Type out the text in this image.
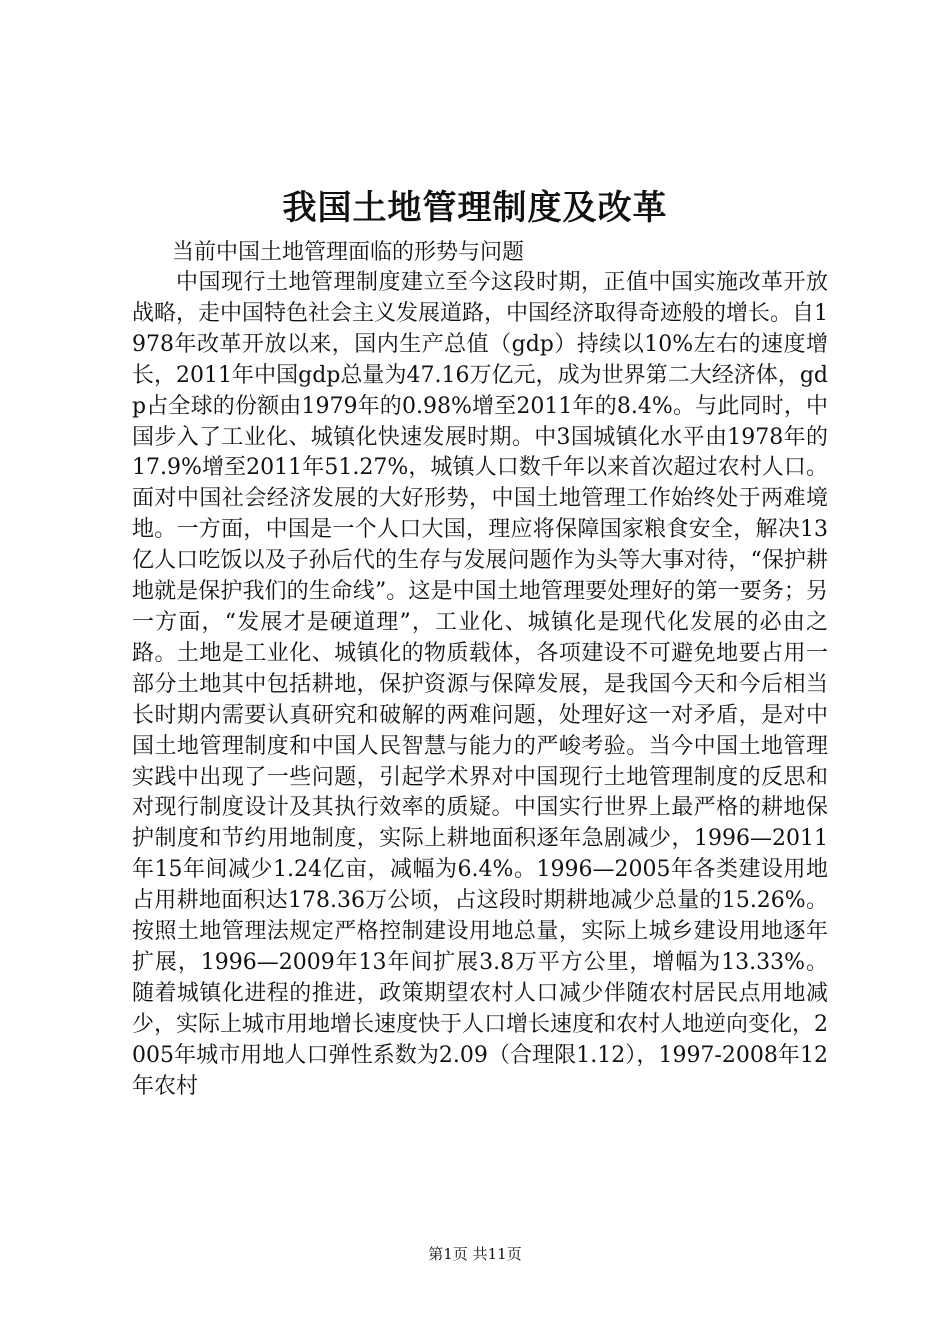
我国土地管理制度及改革
当前中国土地管理面临的形势与问题

中国现行土地管理制度建立至今这段时期，正值中国实施改革开放战略，走中国特色社会主义发展道路，中国经济取得奇迹般的增长。自1978年改革开放以来，国内生产总值（gdp）持续以10%左右的速度增长，2011年中国gdp总量为47.16万亿元，成为世界第二大经济体，gdp占全球的份额由1979年的0.98%增至2011年的8.4%。与此同时，中国步入了工业化、城镇化快速发展时期。中3国城镇化水平由1978年的17.9%增至2011年51.27%，城镇人口数千年以来首次超过农村人口。面对中国社会经济发展的大好形势，中国土地管理工作始终处于两难境地。一方面，中国是一个人口大国，理应将保障国家粮食安全，解决13亿人口吃饭以及子孙后代的生存与发展问题作为头等大事对待，“保护耕地就是保护我们的生命线”。这是中国土地管理要处理好的第一要务；另一方面，“发展才是硬道理”，工业化、城镇化是现代化发展的必由之路。土地是工业化、城镇化的物质载体，各项建设不可避免地要占用一部分土地其中包括耕地，保护资源与保障发展，是我国今天和今后相当长时期内需要认真研究和破解的两难问题，处理好这一对矛盾，是对中国土地管理制度和中国人民智慧与能力的严峻考验。当今中国土地管理实践中出现了一些问题，引起学术界对中国现行土地管理制度的反思和对现行制度设计及其执行效率的质疑。中国实行世界上最严格的耕地保护制度和节约用地制度，实际上耕地面积逐年急剧减少，1996—2011年15年间减少1.24亿亩，减幅为6.4%。1996—2005年各类建设用地占用耕地面积达178.36万公顷，占这段时期耕地减少总量的15.26%。按照土地管理法规定严格控制建设用地总量，实际上城乡建设用地逐年扩展，1996—2009年13年间扩展3.8万平方公里，增幅为13.33%。随着城镇化进程的推进，政策期望农村人口减少伴随农村居民点用地减少，实际上城市用地增长速度快于人口增长速度和农村人地逆向变化，2005年城市用地人口弹性系数为2.09（合理限1.12），1997-2008年12年农村

第1页 共11页
